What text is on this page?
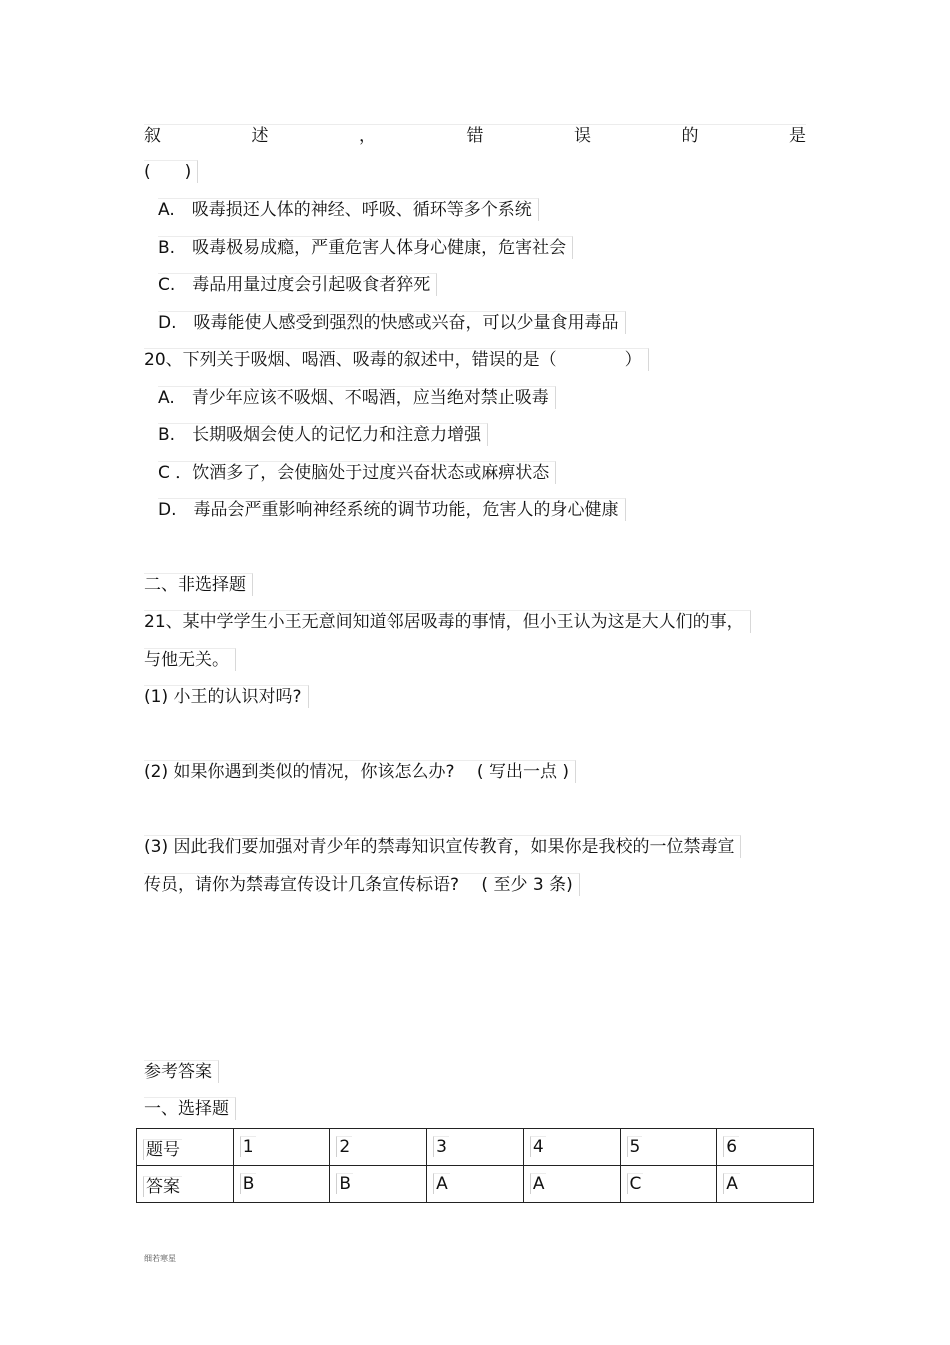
叙	述	，	错	误	的	是
(　　)
A.　吸毒损还人体的神经、呼吸、循环等多个系统
B.　吸毒极易成瘾，严重危害人体身心健康，危害社会
C.　毒品用量过度会引起吸食者猝死
D.　吸毒能使人感受到强烈的快感或兴奋，可以少量食用毒品
20、下列关于吸烟、喝酒、吸毒的叙述中，错误的是（　　　　）
A.　青少年应该不吸烟、不喝酒，应当绝对禁止吸毒
B.　长期吸烟会使人的记忆力和注意力增强
C ．饮酒多了，会使脑处于过度兴奋状态或麻痹状态
D.　毒品会严重影响神经系统的调节功能，危害人的身心健康
二、非选择题
21、某中学学生小王无意间知道邻居吸毒的事情，但小王认为这是大人们的事，
与他无关。
(1) 小王的认识对吗?
(2) 如果你遇到类似的情况，你该怎么办?　 ( 写出一点 )
(3) 因此我们要加强对青少年的禁毒知识宣传教育，如果你是我校的一位禁毒宣
传员，请你为禁毒宣传设计几条宣传标语?　 ( 至少 3 条)
参考答案
一、选择题
题号	1	2	3	4	5	6
答案	B	B	A	A	C	A
细若寒星
